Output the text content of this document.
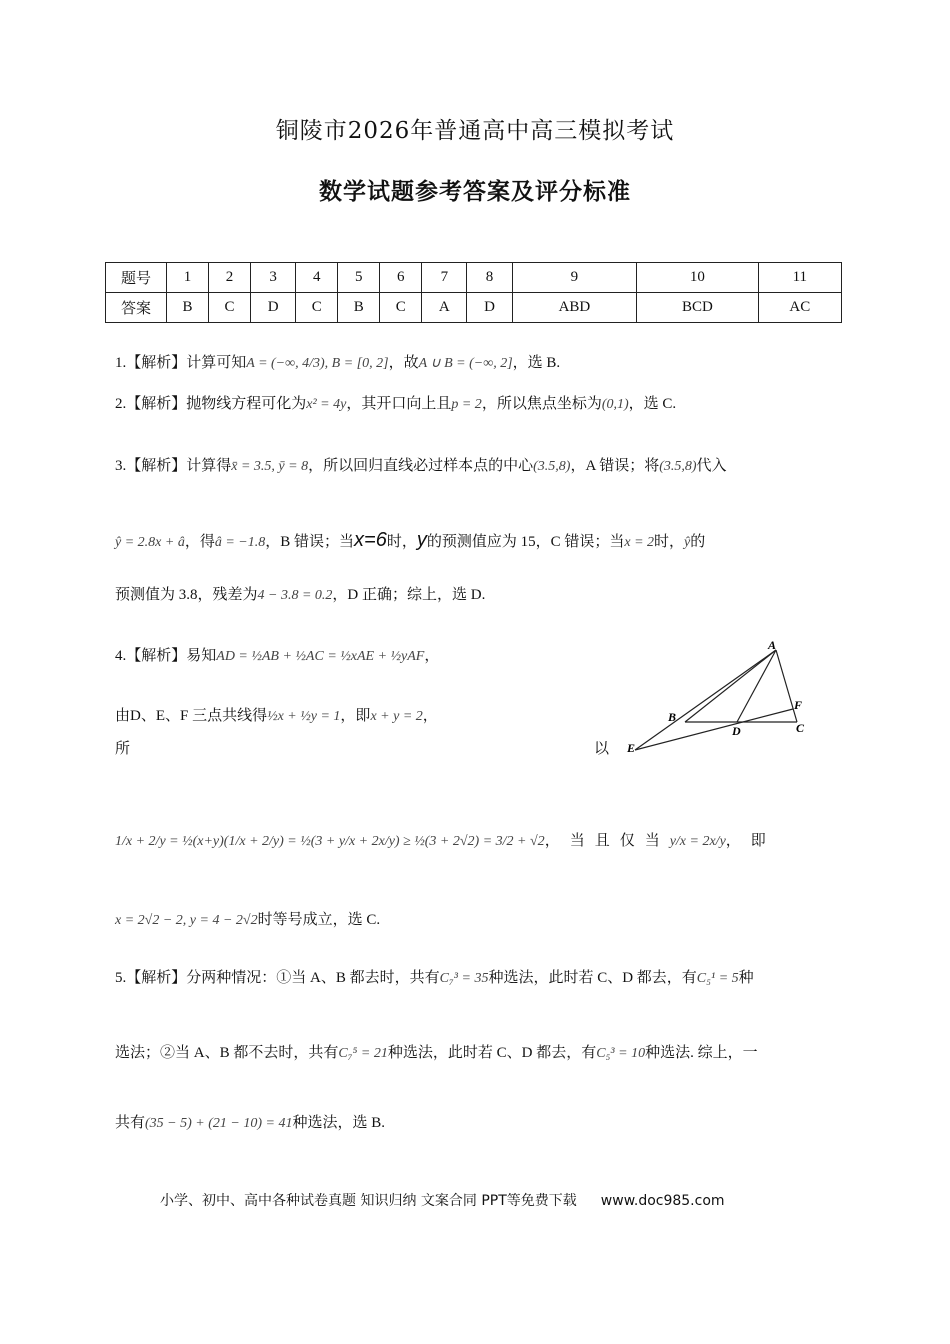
铜陵市2026年普通高中高三模拟考试
数学试题参考答案及评分标准
题号	1	2	3	4	5	6	7	8	9	10	11
答案	B	C	D	C	B	C	A	D	ABD	BCD	AC
1.【解析】计算可知A = (−∞, 4/3), B = [0, 2]，故A ∪ B = (−∞, 2]，选 B.
2.【解析】抛物线方程可化为x² = 4y，其开口向上且p = 2，所以焦点坐标为(0,1)，选 C.
3.【解析】计算得x̄ = 3.5, ȳ = 8，所以回归直线必过样本点的中心(3.5,8)，A 错误；将(3.5,8)代入
ŷ = 2.8x + â，得â = −1.8，B 错误；当x=6时，y的预测值应为 15，C 错误；当x = 2时，ŷ的
预测值为 3.8，残差为4 − 3.8 = 0.2，D 正确；综上，选 D.
4.【解析】易知AD = ½AB + ½AC = ½xAE + ½yAF，
由D、E、F 三点共线得½x + ½y = 1，即x + y = 2，
所	以
1/x + 2/y = ½(x+y)(1/x + 2/y) = ½(3 + y/x + 2x/y) ≥ ½(3 + 2√2) = 3/2 + √2，当且仅当y/x = 2x/y，即
x = 2√2 − 2, y = 4 − 2√2时等号成立，选 C.
A
B
D
F
C
E
5.【解析】分两种情况：①当 A、B 都去时，共有C₇³ = 35种选法，此时若 C、D 都去，有C₅¹ = 5种
选法；②当 A、B 都不去时，共有C₇⁵ = 21种选法，此时若 C、D 都去，有C₅³ = 10种选法. 综上，一
共有(35 − 5) + (21 − 10) = 41种选法，选 B.
小学、初中、高中各种试卷真题 知识归纳 文案合同 PPT等免费下载 www.doc985.com
